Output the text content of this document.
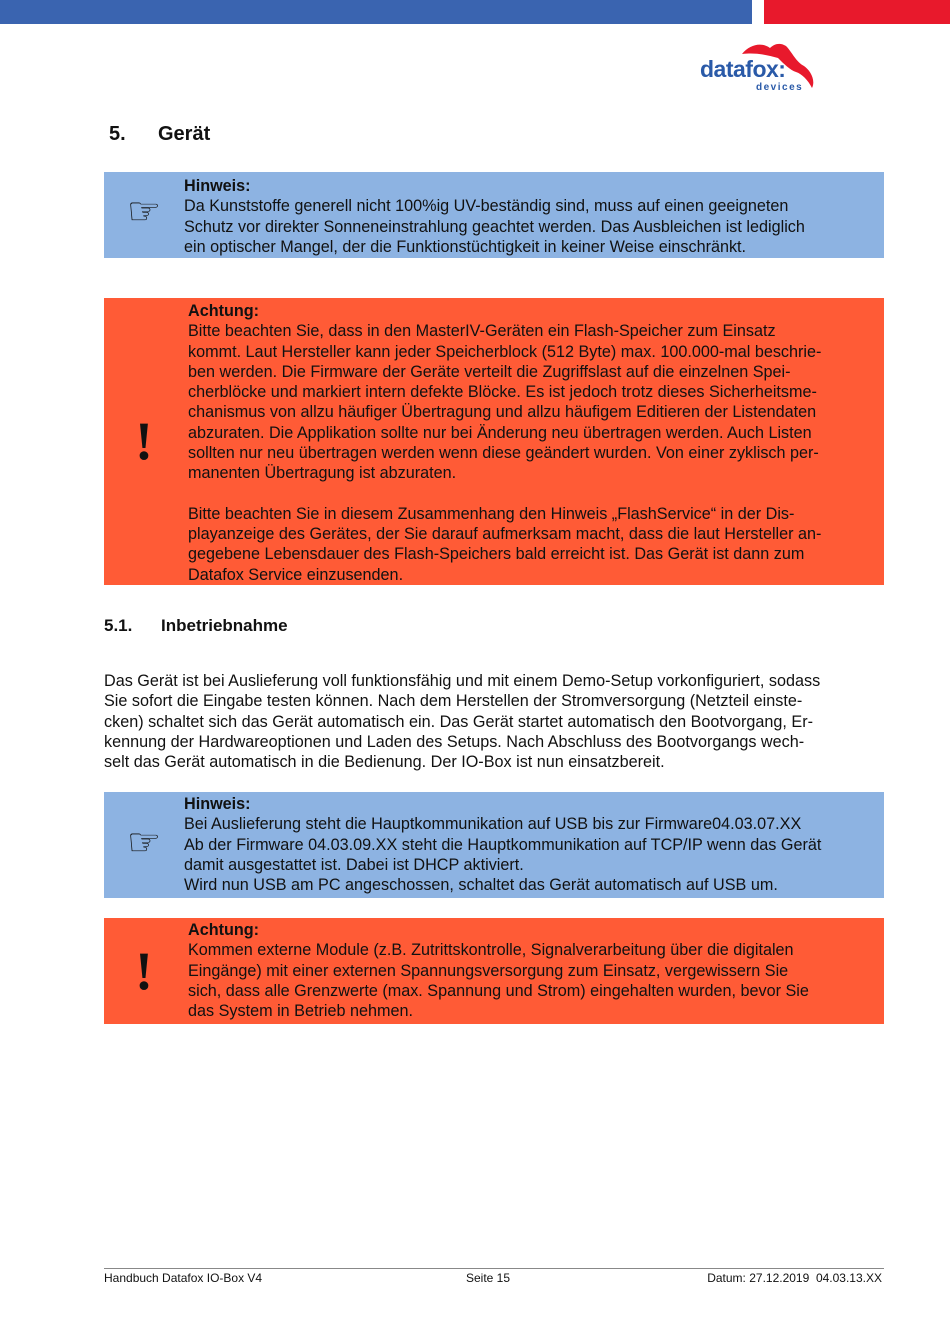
datafox:
devices
5. Gerät
☞

Hinweis:

Da Kunststoffe generell nicht 100%ig UV-beständig sind, muss auf einen geeigneten

Schutz vor direkter Sonneneinstrahlung geachtet werden. Das Ausbleichen ist lediglich

ein optischer Mangel, der die Funktionstüchtigkeit in keiner Weise einschränkt.

!

Achtung:

Bitte beachten Sie, dass in den MasterIV-Geräten ein Flash-Speicher zum Einsatz

kommt. Laut Hersteller kann jeder Speicherblock (512 Byte) max. 100.000-mal beschrie-

ben werden. Die Firmware der Geräte verteilt die Zugriffslast auf die einzelnen Spei-

cherblöcke und markiert intern defekte Blöcke. Es ist jedoch trotz dieses Sicherheitsme-

chanismus von allzu häufiger Übertragung und allzu häufigem Editieren der Listendaten

abzuraten. Die Applikation sollte nur bei Änderung neu übertragen werden. Auch Listen

sollten nur neu übertragen werden wenn diese geändert wurden. Von einer zyklisch per-

manenten Übertragung ist abzuraten.

Bitte beachten Sie in diesem Zusammenhang den Hinweis „FlashService“ in der Dis-

playanzeige des Gerätes, der Sie darauf aufmerksam macht, dass die laut Hersteller an-

gegebene Lebensdauer des Flash-Speichers bald erreicht ist. Das Gerät ist dann zum

Datafox Service einzusenden.

5.1. Inbetriebnahme
Das Gerät ist bei Auslieferung voll funktionsfähig und mit einem Demo-Setup vorkonfiguriert, sodass
Sie sofort die Eingabe testen können. Nach dem Herstellen der Stromversorgung (Netzteil einste-
cken) schaltet sich das Gerät automatisch ein. Das Gerät startet automatisch den Bootvorgang, Er-
kennung der Hardwareoptionen und Laden des Setups. Nach Abschluss des Bootvorgangs wech-
selt das Gerät automatisch in die Bedienung. Der IO-Box ist nun einsatzbereit.
☞

Hinweis:

Bei Auslieferung steht die Hauptkommunikation auf USB bis zur Firmware04.03.07.XX

Ab der Firmware 04.03.09.XX steht die Hauptkommunikation auf TCP/IP wenn das Gerät

damit ausgestattet ist. Dabei ist DHCP aktiviert.

Wird nun USB am PC angeschossen, schaltet das Gerät automatisch auf USB um.

!

Achtung:

Kommen externe Module (z.B. Zutrittskontrolle, Signalverarbeitung über die digitalen

Eingänge) mit einer externen Spannungsversorgung zum Einsatz, vergewissern Sie

sich, dass alle Grenzwerte (max. Spannung und Strom) eingehalten wurden, bevor Sie

das System in Betrieb nehmen.

Handbuch Datafox IO-Box V4	Seite 15	Datum: 27.12.2019  04.03.13.XX
